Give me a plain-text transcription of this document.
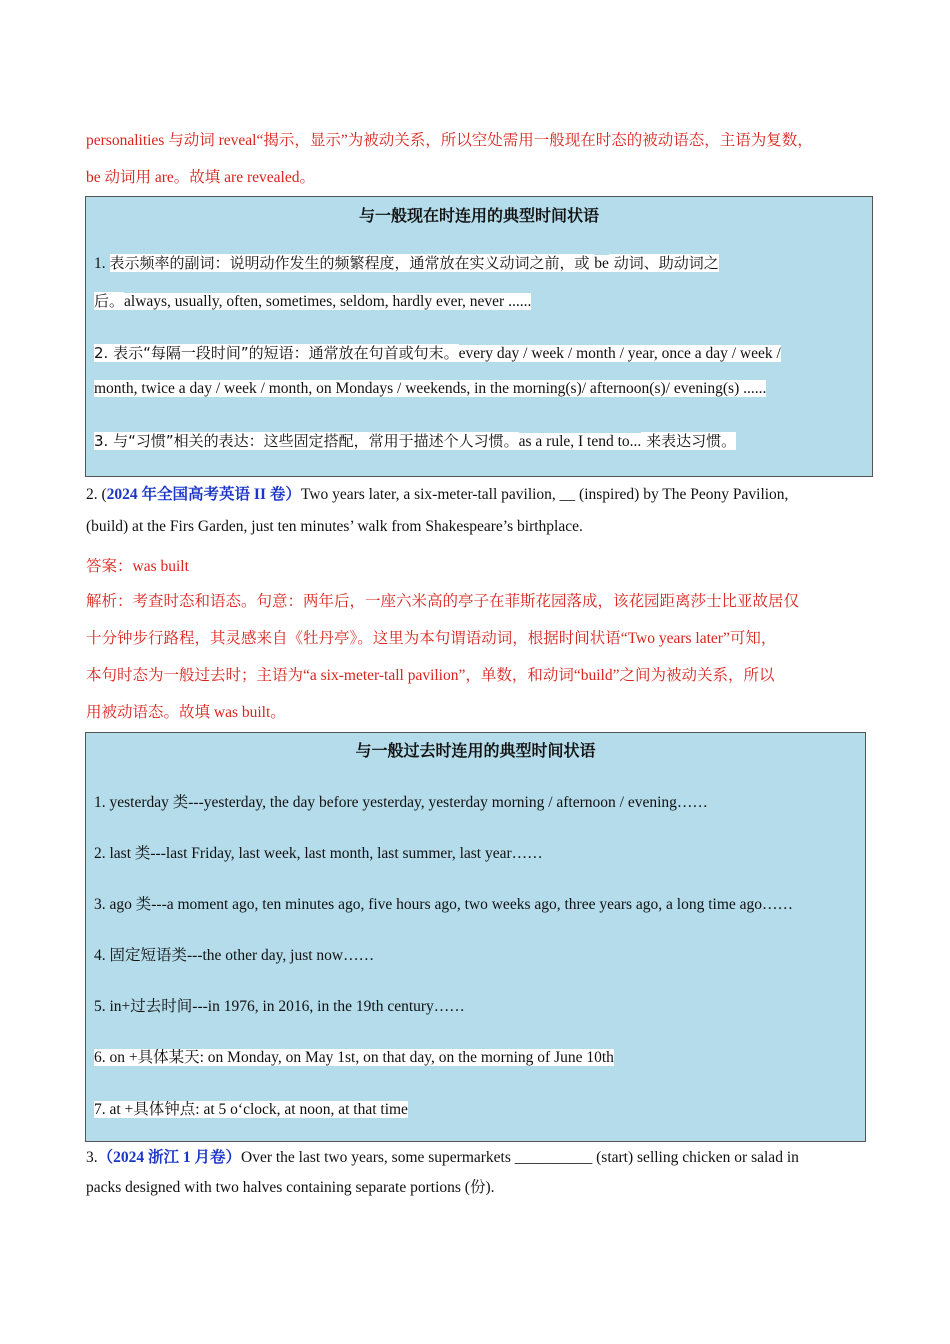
personalities 与动词 reveal“揭示，显示”为被动关系，所以空处需用一般现在时态的被动语态，主语为复数，
be 动词用 are。故填 are revealed。
与一般现在时连用的典型时间状语
1. 表示频率的副词：说明动作发生的频繁程度，通常放在实义动词之前，或 be 动词、助动词之
后。always, usually, often, sometimes, seldom, hardly ever, never ......
2. 表示“每隔一段时间”的短语：通常放在句首或句末。every day / week / month / year, once a day / week /
month, twice a day / week / month, on Mondays / weekends, in the morning(s)/ afternoon(s)/ evening(s) ......
3. 与“习惯”相关的表达：这些固定搭配，常用于描述个人习惯。as a rule, I tend to... 来表达习惯。
2. (2024 年全国高考英语 II 卷）Two years later, a six-meter-tall pavilion, __ (inspired) by The Peony Pavilion,
(build) at the Firs Garden, just ten minutes’ walk from Shakespeare’s birthplace.
答案：was built
解析：考查时态和语态。句意：两年后，一座六米高的亭子在菲斯花园落成，该花园距离莎士比亚故居仅
十分钟步行路程，其灵感来自《牡丹亭》。这里为本句谓语动词，根据时间状语“Two years later”可知，
本句时态为一般过去时；主语为“a six-meter-tall pavilion”，单数，和动词“build”之间为被动关系，所以
用被动语态。故填 was built。
与一般过去时连用的典型时间状语
1. yesterday 类---yesterday, the day before yesterday, yesterday morning / afternoon / evening……
2. last 类---last Friday, last week, last month, last summer, last year……
3. ago 类---a moment ago, ten minutes ago, five hours ago, two weeks ago, three years ago, a long time ago……
4. 固定短语类---the other day, just now……
5. in+过去时间---in 1976, in 2016, in the 19th century……
6. on +具体某天: on Monday, on May 1st, on that day, on the morning of June 10th
7. at +具体钟点: at 5 o‘clock, at noon, at that time
3.（2024 浙江 1 月卷）Over the last two years, some supermarkets __________ (start) selling chicken or salad in
packs designed with two halves containing separate portions (份).
